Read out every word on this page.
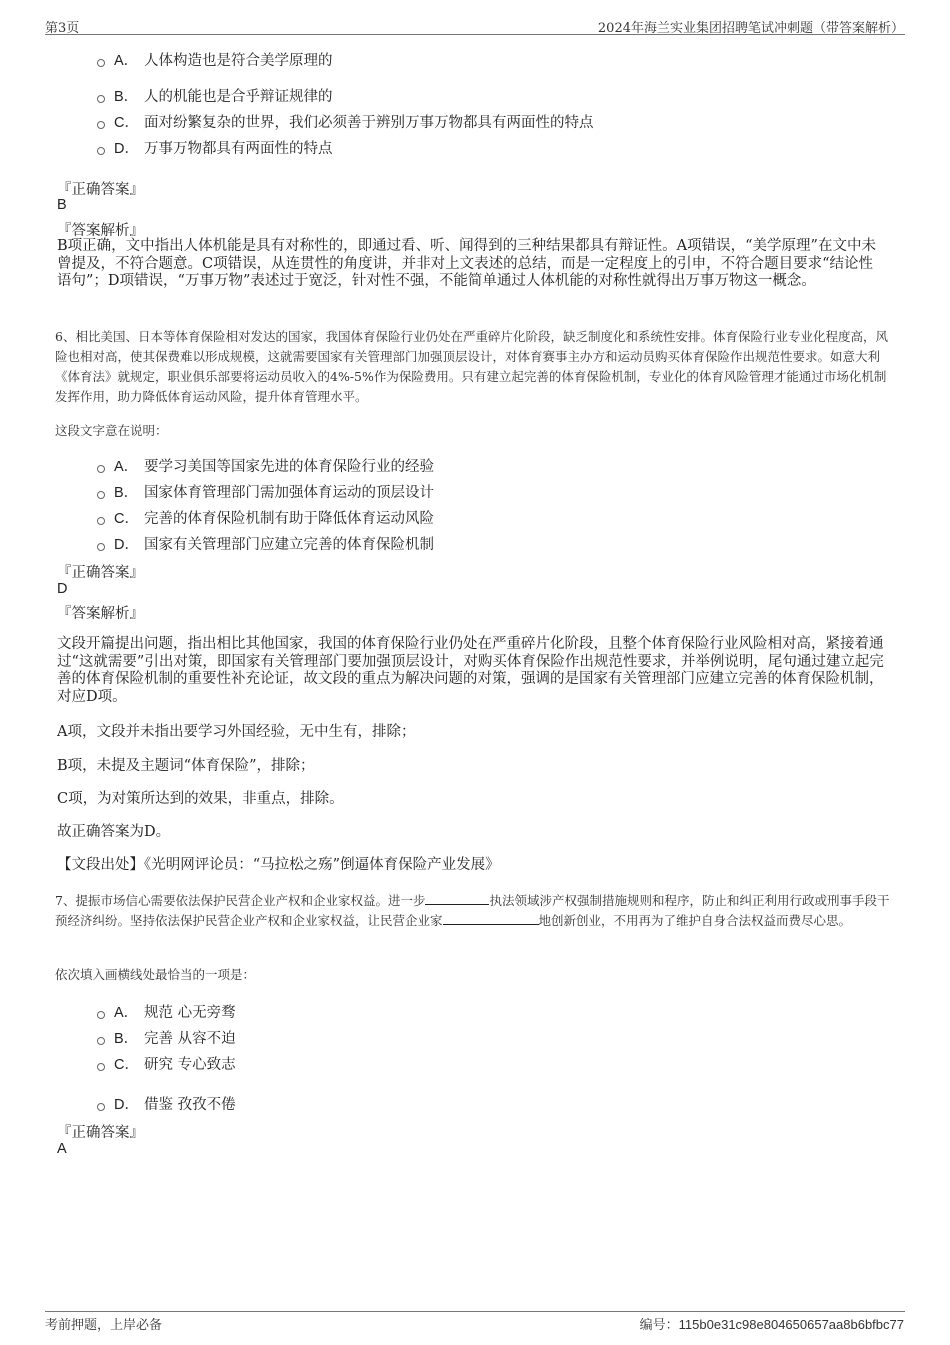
第3页	2024年海兰实业集团招聘笔试冲刺题（带答案解析）
A． 人体构造也是符合美学原理的
B． 人的机能也是合乎辩证规律的
C． 面对纷繁复杂的世界，我们必须善于辨别万事万物都具有两面性的特点
D． 万事万物都具有两面性的特点
『正确答案』
B
『答案解析』
B项正确，文中指出人体机能是具有对称性的，即通过看、听、闻得到的三种结果都具有辩证性。A项错误，“美学原理”在文中未曾提及，不符合题意。C项错误，从连贯性的角度讲，并非对上文表述的总结，而是一定程度上的引申，不符合题目要求“结论性语句”；D项错误，“万事万物”表述过于宽泛，针对性不强，不能简单通过人体机能的对称性就得出万事万物这一概念。
6、相比美国、日本等体育保险相对发达的国家，我国体育保险行业仍处在严重碎片化阶段，缺乏制度化和系统性安排。体育保险行业专业化程度高，风险也相对高，使其保费难以形成规模，这就需要国家有关管理部门加强顶层设计，对体育赛事主办方和运动员购买体育保险作出规范性要求。如意大利《体育法》就规定，职业俱乐部要将运动员收入的4%-5%作为保险费用。只有建立起完善的体育保险机制，专业化的体育风险管理才能通过市场化机制发挥作用，助力降低体育运动风险，提升体育管理水平。
这段文字意在说明：
A． 要学习美国等国家先进的体育保险行业的经验
B． 国家体育管理部门需加强体育运动的顶层设计
C． 完善的体育保险机制有助于降低体育运动风险
D． 国家有关管理部门应建立完善的体育保险机制
『正确答案』
D
『答案解析』
文段开篇提出问题，指出相比其他国家，我国的体育保险行业仍处在严重碎片化阶段，且整个体育保险行业风险相对高，紧接着通过“这就需要”引出对策，即国家有关管理部门要加强顶层设计，对购买体育保险作出规范性要求，并举例说明，尾句通过建立起完善的体育保险机制的重要性补充论证，故文段的重点为解决问题的对策，强调的是国家有关管理部门应建立完善的体育保险机制，对应D项。
A项，文段并未指出要学习外国经验，无中生有，排除；
B项，未提及主题词“体育保险”，排除；
C项，为对策所达到的效果，非重点，排除。
故正确答案为D。
【文段出处】《光明网评论员：“马拉松之殇”倒逼体育保险产业发展》
7、提振市场信心需要依法保护民营企业产权和企业家权益。进一步	执法领域涉产权强制措施规则和程序，防止和纠正利用行政或刑事手段干预经济纠纷。坚持依法保护民营企业产权和企业家权益，让民营企业家	地创新创业，不用再为了维护自身合法权益而费尽心思。
依次填入画横线处最恰当的一项是：
A． 规范 心无旁骛
B． 完善 从容不迫
C． 研究 专心致志
D． 借鉴 孜孜不倦
『正确答案』
A
考前押题，上岸必备	编号：115b0e31c98e804650657aa8b6bfbc77
